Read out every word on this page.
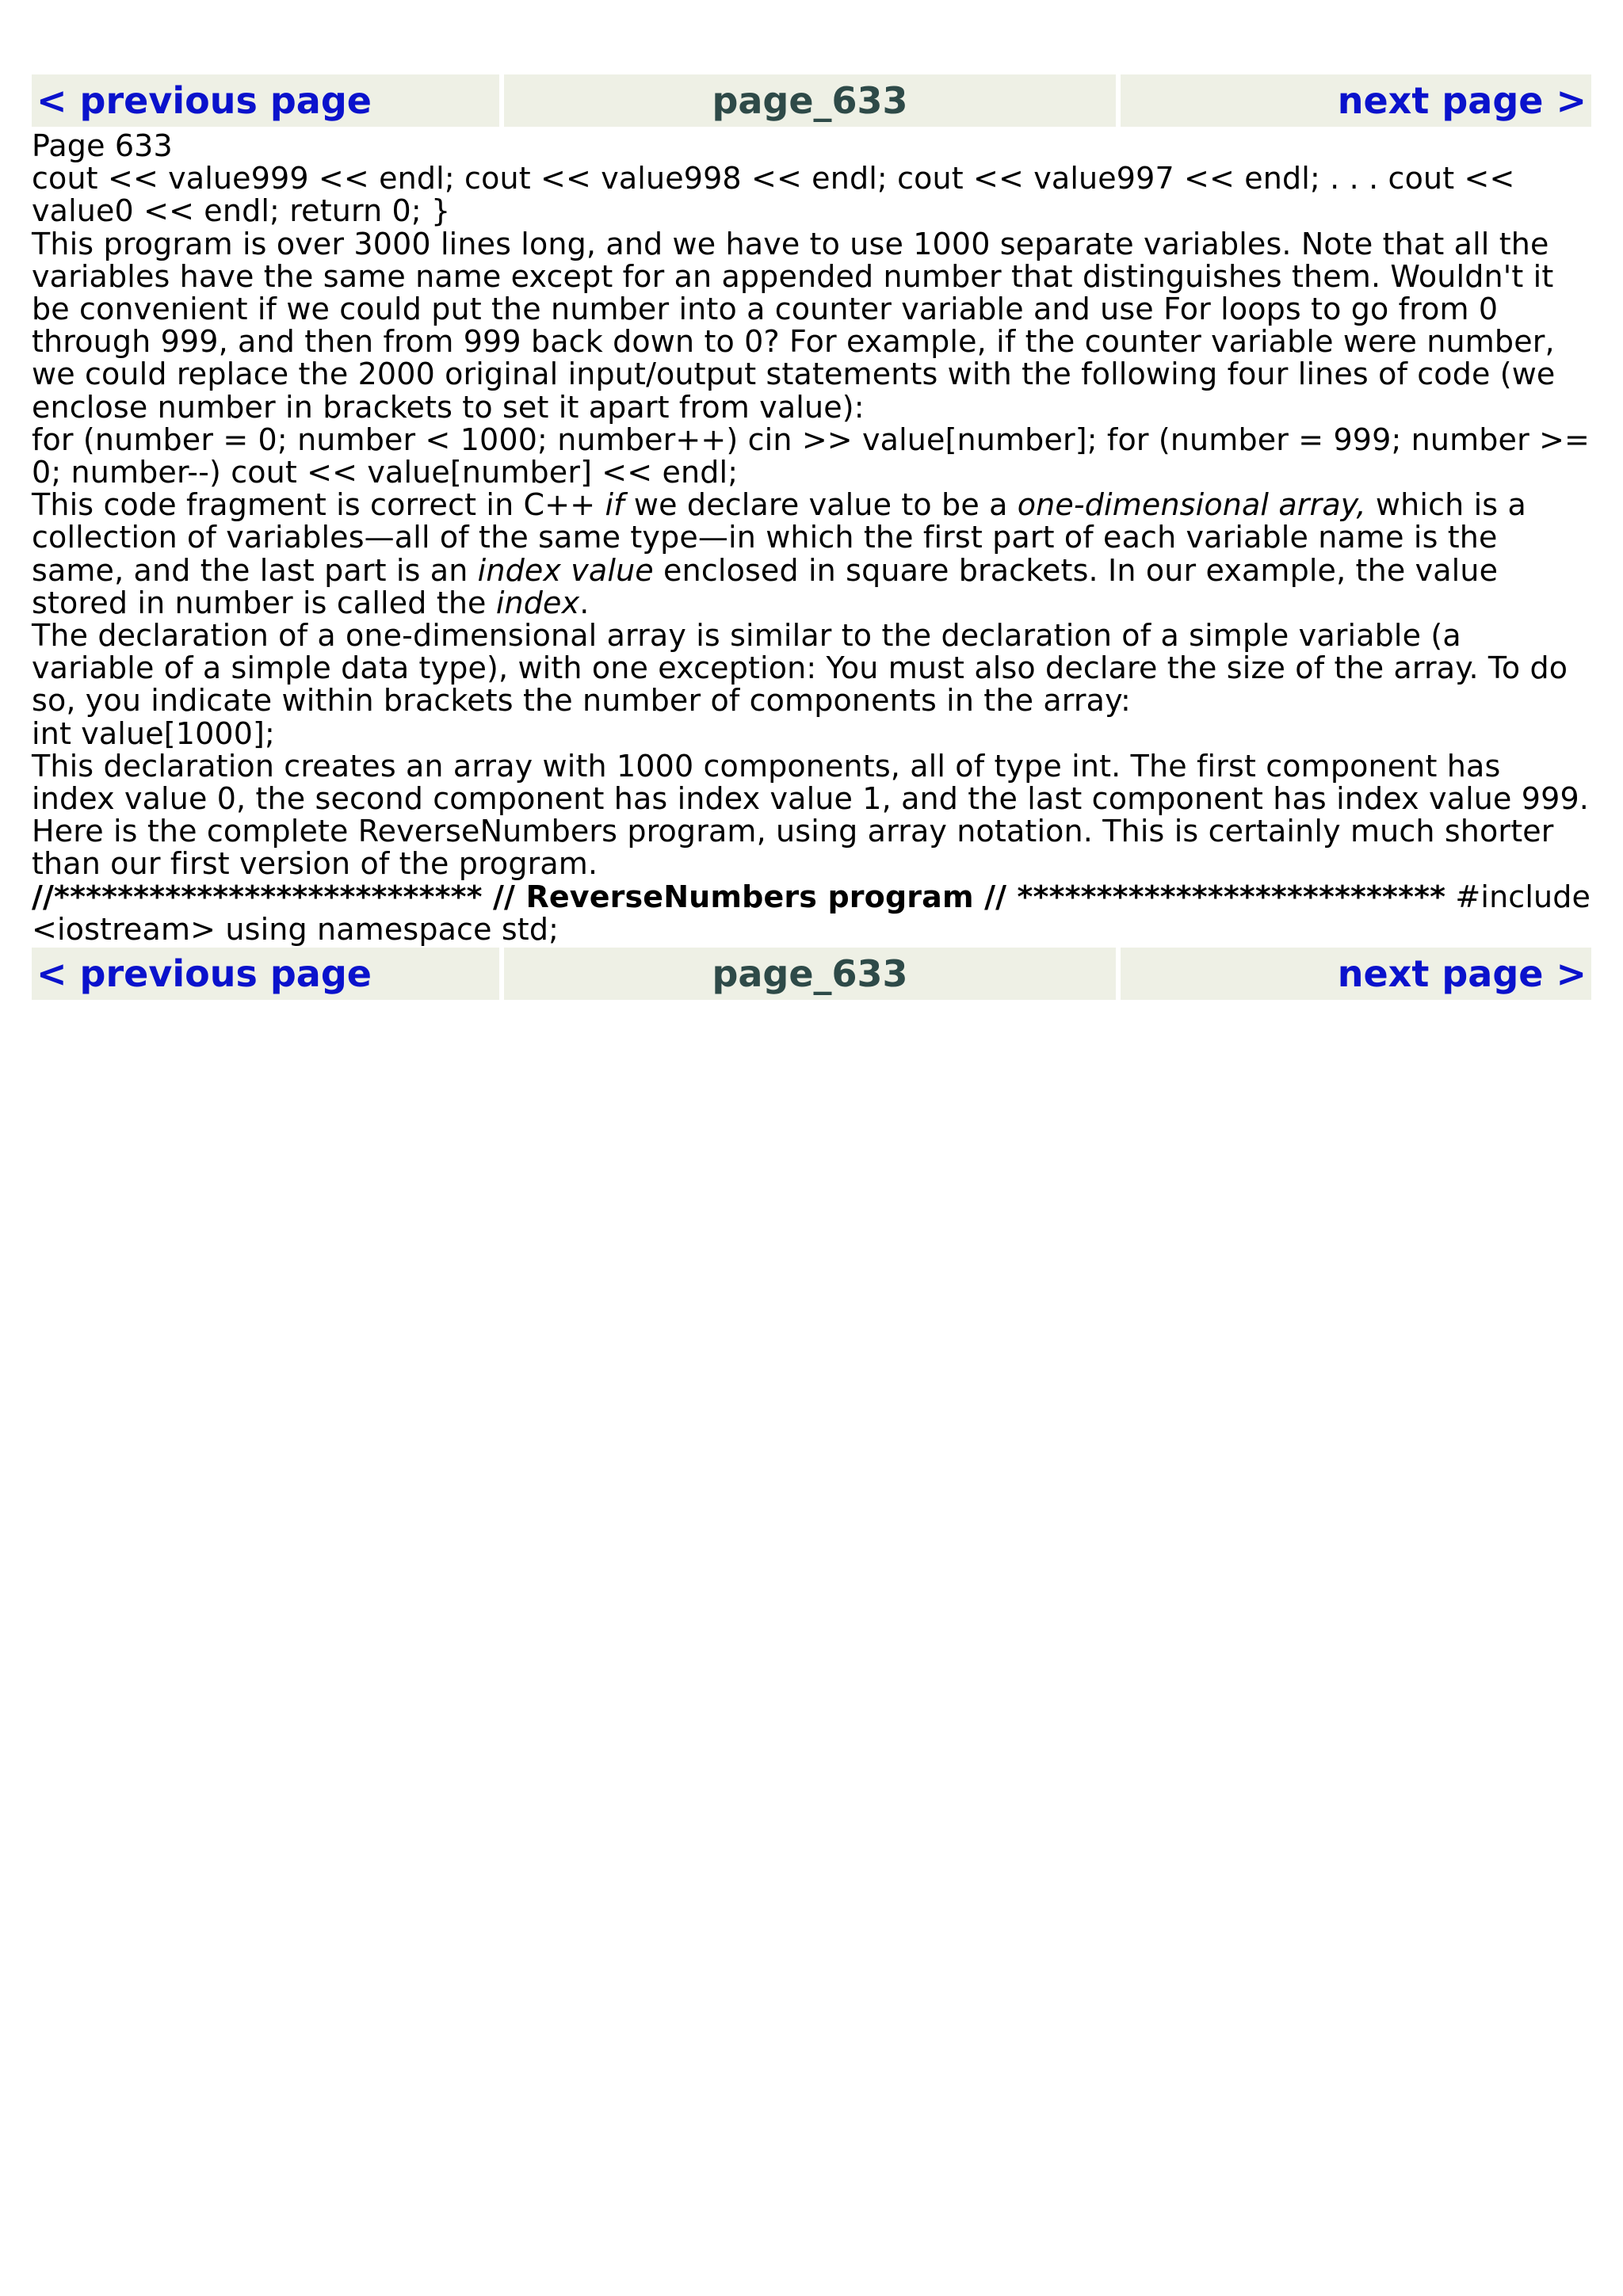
< previous page	page_633	next page >

Page 633

cout << value999 << endl; cout << value998 << endl; cout << value997 << endl; . . . cout << value0 << endl; return 0; }

This program is over 3000 lines long, and we have to use 1000 separate variables. Note that all the variables have the same name except for an appended number that distinguishes them. Wouldn't it be convenient if we could put the number into a counter variable and use For loops to go from 0 through 999, and then from 999 back down to 0? For example, if the counter variable were number, we could replace the 2000 original input/output statements with the following four lines of code (we enclose number in brackets to set it apart from value):

for (number = 0; number < 1000; number++) cin >> value[number]; for (number = 999; number >= 0; number--) cout << value[number] << endl;

This code fragment is correct in C++ if we declare value to be a one-dimensional array, which is a collection of variables—all of the same type—in which the first part of each variable name is the same, and the last part is an index value enclosed in square brackets. In our example, the value stored in number is called the index.

The declaration of a one-dimensional array is similar to the declaration of a simple variable (a variable of a simple data type), with one exception: You must also declare the size of the array. To do so, you indicate within brackets the number of components in the array:

int value[1000];

This declaration creates an array with 1000 components, all of type int. The first component has index value 0, the second component has index value 1, and the last component has index value 999.

Here is the complete ReverseNumbers program, using array notation. This is certainly much shorter than our first version of the program.

//*************************** // ReverseNumbers program // *************************** #include <iostream> using namespace std;

< previous page	page_633	next page >
